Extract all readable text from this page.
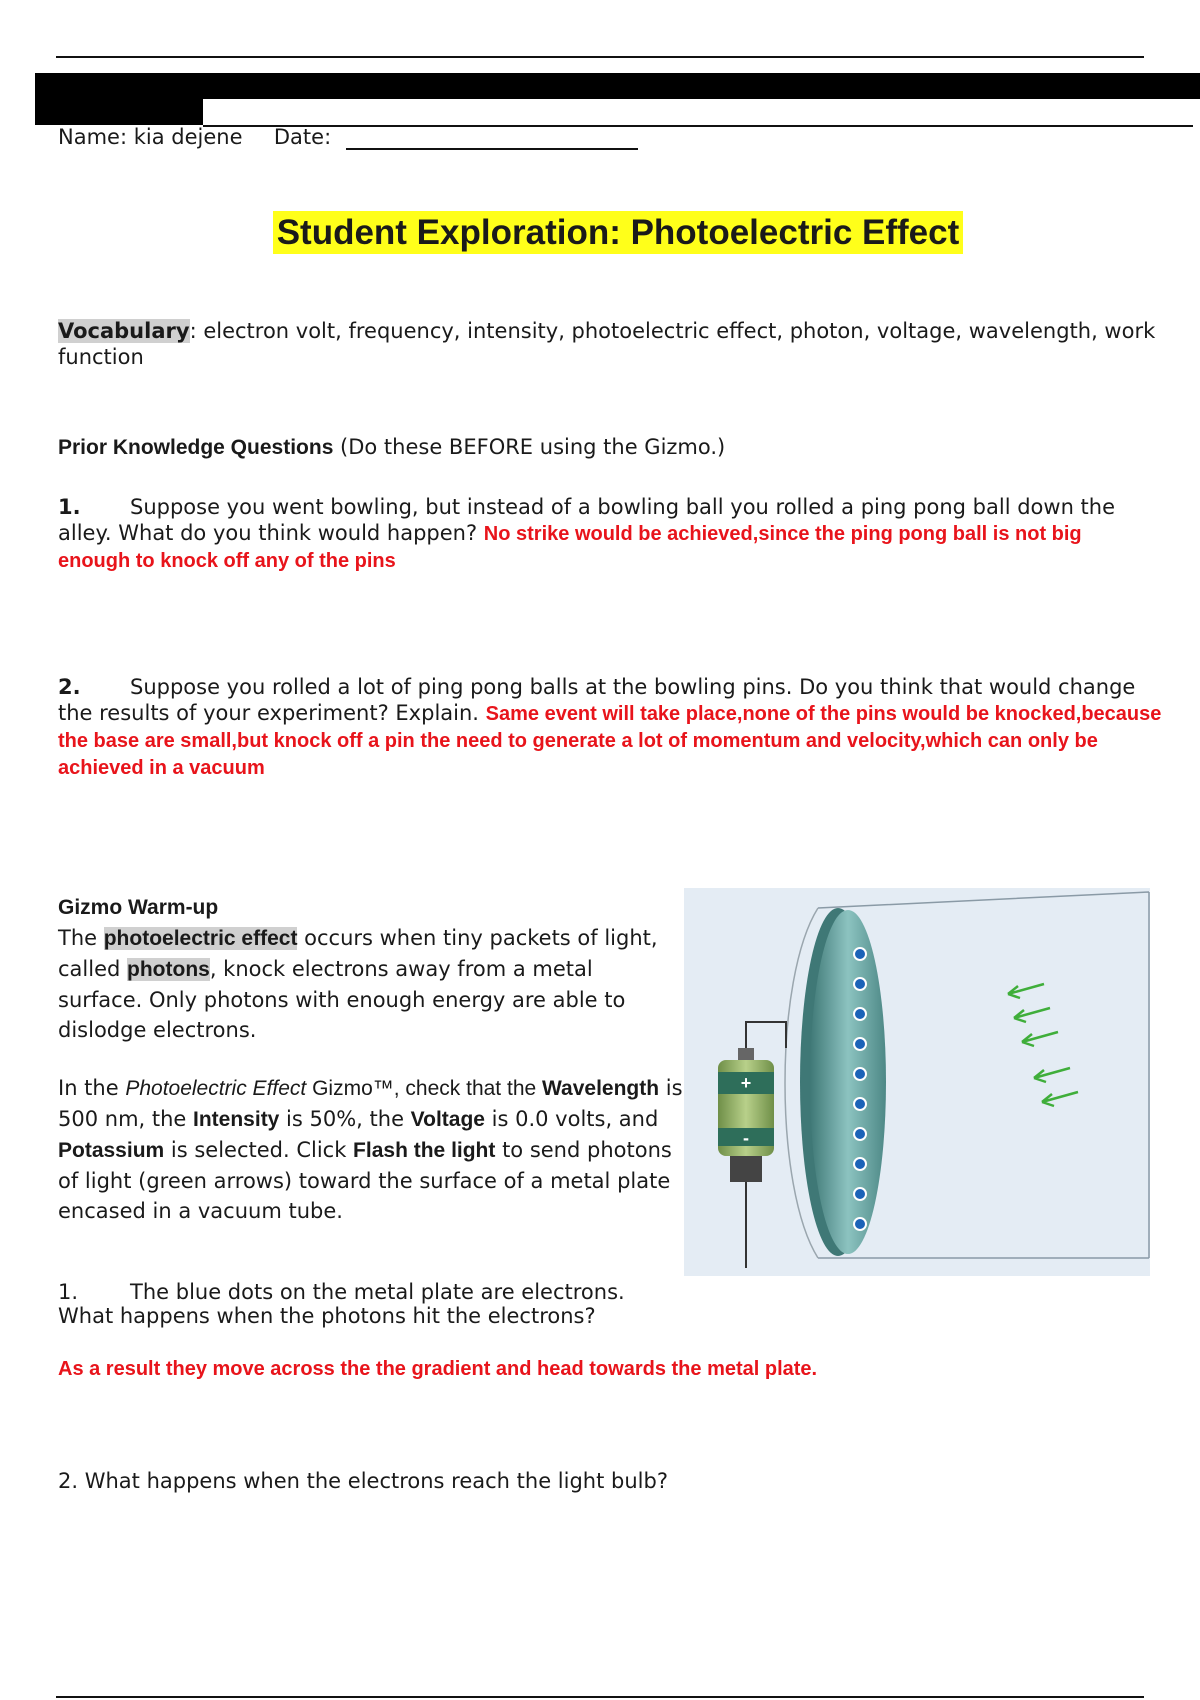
Name: kia dejene Date:
Student Exploration: Photoelectric Effect
Vocabulary: electron volt, frequency, intensity, photoelectric effect, photon, voltage, wavelength, work function
Prior Knowledge Questions (Do these BEFORE using the Gizmo.)
1. Suppose you went bowling, but instead of a bowling ball you rolled a ping pong ball down the alley. What do you think would happen? No strike would be achieved,since the ping pong ball is not big enough to knock off any of the pins
2. Suppose you rolled a lot of ping pong balls at the bowling pins. Do you think that would change the results of your experiment? Explain. Same event will take place,none of the pins would be knocked,because the base are small,but knock off a pin the need to generate a lot of momentum and velocity,which can only be achieved in a vacuum

Gizmo Warm-up

The photoelectric effect occurs when tiny packets of light, called photons, knock electrons away from a metal surface. Only photons with enough energy are able to dislodge electrons.

In the Photoelectric Effect Gizmo™, check that the Wavelength is 500 nm, the Intensity is 50%, the Voltage is 0.0 volts, and Potassium is selected. Click Flash the light to send photons of light (green arrows) toward the surface of a metal plate encased in a vacuum tube.

1. The blue dots on the metal plate are electrons. What happens when the photons hit the electrons?
As a result they move across the the gradient and head towards the metal plate.
2. What happens when the electrons reach the light bulb?
+
-
